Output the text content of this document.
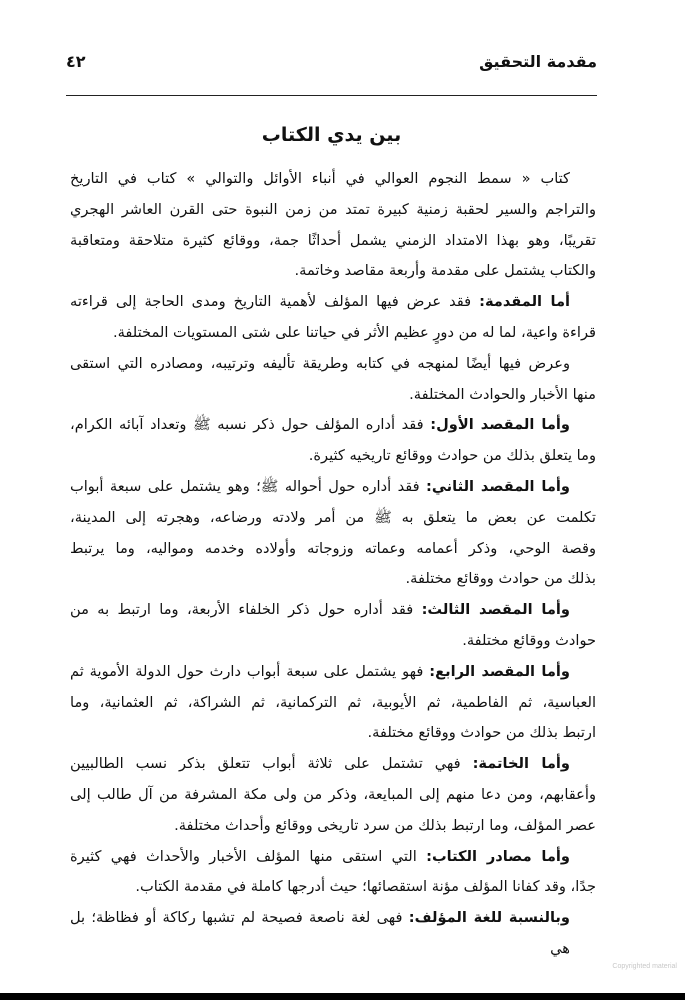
مقدمة التحقيق
٤٢
بين يدي الكتاب
كتاب « سمط النجوم العوالي في أنباء الأوائل والتوالي » كتاب في التاريخ
والتراجم والسير لحقبة زمنية كبيرة تمتد من زمن النبوة حتى القرن العاشر الهجري
تقريبًا، وهو بهذا الامتداد الزمني يشمل أحداثًا جمة، ووقائع كثيرة متلاحقة ومتعاقبة
والكتاب يشتمل على مقدمة وأربعة مقاصد وخاتمة.
أما المقدمة: فقد عرض فيها المؤلف لأهمية التاريخ ومدى الحاجة إلى قراءته
قراءة واعية، لما له من دورٍ عظيم الأثر في حياتنا على شتى المستويات المختلفة.
وعرض فيها أيضًا لمنهجه في كتابه وطريقة تأليفه وترتيبه، ومصادره التي استقى
منها الأخبار والحوادث المختلفة.
وأما المقصد الأول: فقد أداره المؤلف حول ذكر نسبه ﷺ وتعداد آبائه الكرام،
وما يتعلق بذلك من حوادث ووقائع تاريخيه كثيرة.
وأما المقصد الثاني: فقد أداره حول أحواله ﷺ؛ وهو يشتمل على سبعة أبواب
تكلمت عن بعض ما يتعلق به ﷺ من أمر ولادته ورضاعه، وهجرته إلى المدينة،
وقصة الوحي، وذكر أعمامه وعماته وزوجاته وأولاده وخدمه ومواليه، وما يرتبط
بذلك من حوادث ووقائع مختلفة.
وأما المقصد الثالث: فقد أداره حول ذكر الخلفاء الأربعة، وما ارتبط به من
حوادث ووقائع مختلفة.
وأما المقصد الرابع: فهو يشتمل على سبعة أبواب دارث حول الدولة الأموية ثم
العباسية، ثم الفاطمية، ثم الأيوبية، ثم التركمانية، ثم الشراكة، ثم العثمانية، وما
ارتبط بذلك من حوادث ووقائع مختلفة.
وأما الخاتمة: فهي تشتمل على ثلاثة أبواب تتعلق بذكر نسب الطالبيين
وأعقابهم، ومن دعا منهم إلى المبايعة، وذكر من ولى مكة المشرفة من آل طالب إلى
عصر المؤلف، وما ارتبط بذلك من سرد تاريخى ووقائع وأحداث مختلفة.
وأما مصادر الكتاب: التي استقى منها المؤلف الأخبار والأحداث فهي كثيرة
جدًا، وقد كفانا المؤلف مؤنة استقصائها؛ حيث أدرجها كاملة في مقدمة الكتاب.
وبالنسبة للغة المؤلف: فهى لغة ناصعة فصيحة لم تشبها ركاكة أو فظاظة؛ بل هي
Copyrighted material
